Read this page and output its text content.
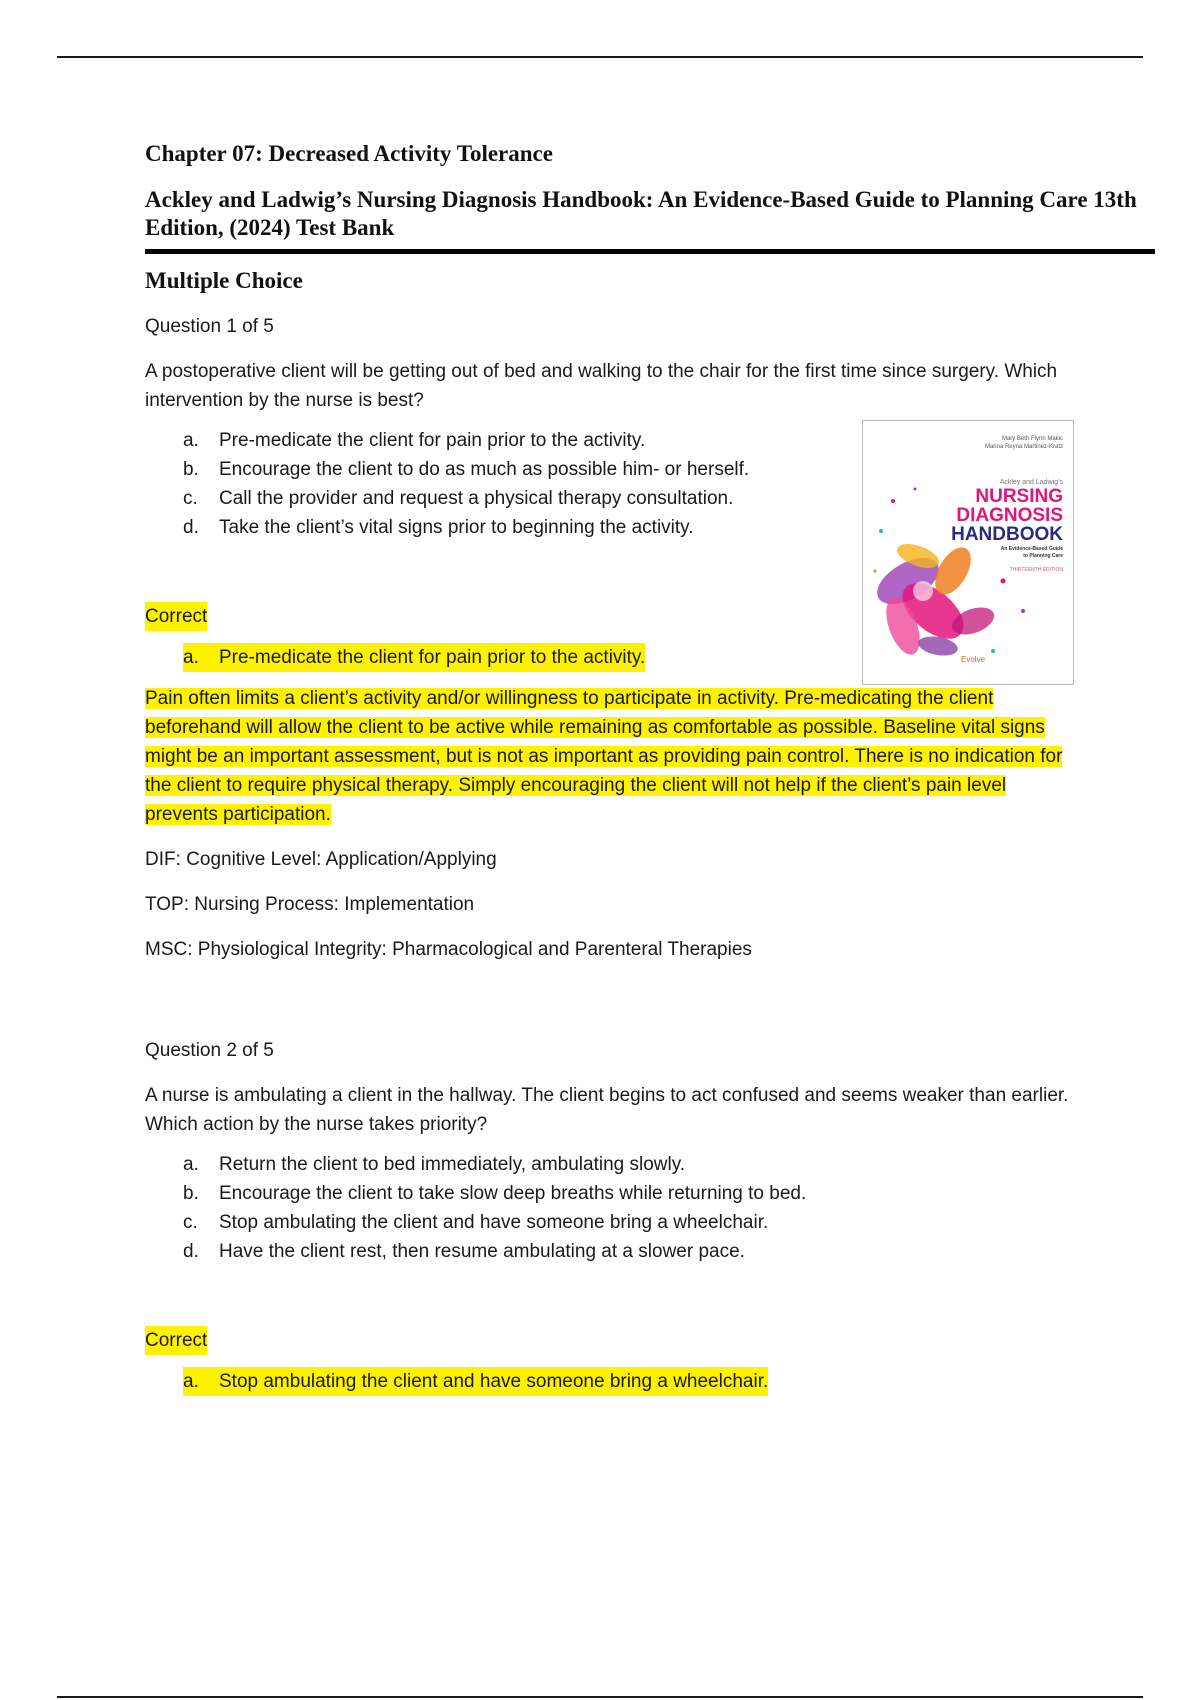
Chapter 07: Decreased Activity Tolerance
Ackley and Ladwig’s Nursing Diagnosis Handbook: An Evidence-Based Guide to Planning Care 13th Edition, (2024) Test Bank
Multiple Choice

Question 1 of 5

A postoperative client will be getting out of bed and walking to the chair for the first time since surgery. Which intervention by the nurse is best?

a.	Pre-medicate the client for pain prior to the activity.
b.	Encourage the client to do as much as possible him- or herself.
c.	Call the provider and request a physical therapy consultation.
d.	Take the client’s vital signs prior to beginning the activity.
Correct
a. Pre-medicate the client for pain prior to the activity.

Pain often limits a client’s activity and/or willingness to participate in activity. Pre-medicating the client beforehand will allow the client to be active while remaining as comfortable as possible. Baseline vital signs might be an important assessment, but is not as important as providing pain control. There is no indication for the client to require physical therapy. Simply encouraging the client will not help if the client’s pain level prevents participation.

DIF: Cognitive Level: Application/Applying

TOP: Nursing Process: Implementation

MSC: Physiological Integrity: Pharmacological and Parenteral Therapies

Question 2 of 5

A nurse is ambulating a client in the hallway. The client begins to act confused and seems weaker than earlier. Which action by the nurse takes priority?

a.	Return the client to bed immediately, ambulating slowly.
b.	Encourage the client to take slow deep breaths while returning to bed.
c.	Stop ambulating the client and have someone bring a wheelchair.
d.	Have the client rest, then resume ambulating at a slower pace.
Correct
a. Stop ambulating the client and have someone bring a wheelchair.
Mary Beth Flynn Makic
Marina Reyna Martinez-Kratz
Ackley and Ladwig’s
NURSING
DIAGNOSIS
HANDBOOK
An Evidence-Based Guide
to Planning Care
THIRTEENTH EDITION
Evolve
